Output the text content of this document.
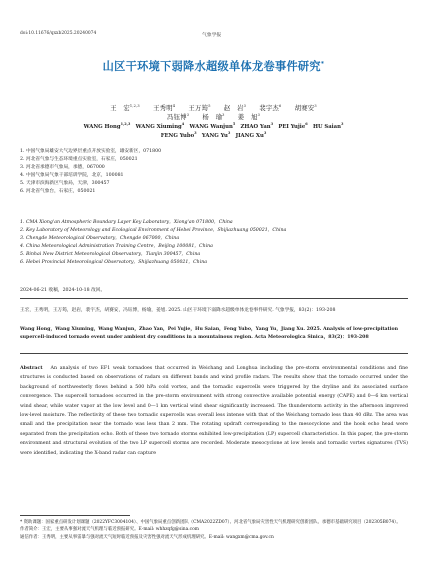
doi:10.11676/qxxb2025.20240074	气象学报
山区干环境下弱降水超级单体龙卷事件研究*
王　宏$^{1,2,3}$　　 王秀明$^4$　　 王万筠$^5$　　 赵　岩$^3$　　 裴宇杰$^6$　　 胡赛安$^3$
冯钰博$^3$　　 杨　瑜$^3$　　 姜　旭$^3$
WANG Hong$^{1,2,3}$  WANG Xiuming$^4$  WANG Wanjun$^5$  ZHAO Yan$^3$  PEI Yujie$^6$  HU Saian$^3$
FENG Yubo$^3$  YANG Yu$^3$  JIANG Xu$^3$
1. 中国气象局雄安大气边界层重点开放实验室，雄安新区，071800
2. 河北省气象与生态环境重点实验室，石家庄，050021
3. 河北省承德市气象局，承德，067000
4. 中国气象局气象干部培训学院，北京，100081
5. 天津市滨海新区气象局，天津，300457
6. 河北省气象台，石家庄，050021
1. CMA Xiong'an Atmospheric Boundary Layer Key Laboratory，Xiong'an 071800，China
2. Key Laboratory of Meteorology and Ecological Environment of Hebei Province，Shijiazhuang 050021，China
3. Chengde Meteorological Observatory，Chengde 067000，China
4. China Meteorological Administration Training Centre，Beijing 100081，China
5. Binhai New District Meteorological Observatory，Tianjin 300457，China
6. Hebei Provincial Meteorological Observatory，Shijiazhuang 050021，China
2024-06-21 收稿，2024-10-18 改回。
王宏，王秀明，王万筠，赵岩，裴宇杰，胡赛安，冯钰博，杨瑜，姜旭. 2025. 山区干环境下弱降水超级单体龙卷事件研究. 气象学报，83(2)：193-208
Wang Hong，Wang Xiuming，Wang Wanjun，Zhao Yan，Pei Yujie，Hu Saian，Feng Yubo，Yang Yu，Jiang Xu. 2025. Analysis of low-precipitation supercell-induced tornado event under ambient dry conditions in a mountainous region. Acta Meteorologica Sinica，83(2)：193-208
Abstract An analysis of two EF1 weak tornadoes that occurred in Weichang and Longhua including the pre-storm environmental conditions and fine structures is conducted based on observations of radars on different bands and wind profile radars. The results show that the tornado occurred under the background of northwesterly flows behind a 500 hPa cold vortex, and the tornadic supercells were triggered by the dryline and its associated surface convergence. The supercell tornadoes occurred in the pre-storm environment with strong convective available potential energy (CAPE) and 0—6 km vertical wind shear, while water vapor at the low level and 0—1 km vertical wind shear significantly increased. The thunderstorm activity in the afternoon improved low-level moisture. The reflectivity of these two tornadic supercells was overall less intense with that of the Weichang tornado less than 40 dBz. The area was small and the precipitation near the tornado was less than 2 mm. The rotating updraft corresponding to the mesocyclone and the hook echo head were separated from the precipitation echo. Both of these two tornado storms exhibited low-precipitation (LP) supercell characteristics. In this paper, the pre-storm environment and structural evolution of the two LP supercell storms are recorded. Moderate mesocyclone at low levels and tornadic vortex signatures (TVS) were identified, indicating the X-band radar can capture
* 资助课题：国家重点研发计划课题（2022YFC3004104）、中国气象局重点创新团队（CMA2022ZD07）、河北省气象局灾害性天气机理研究创新团队、承德市基础研究项目（202305B074）。
作者简介：王宏，主要从事强对流天气机理与临近预报研究。E-mail: whhzqfg@sina.com
通信作者：王秀明，主要从事雷暴与强对流天气短时临近预报及灾害性强对流天气形成机理研究。E-mail: wangxm@cma.gov.cn
